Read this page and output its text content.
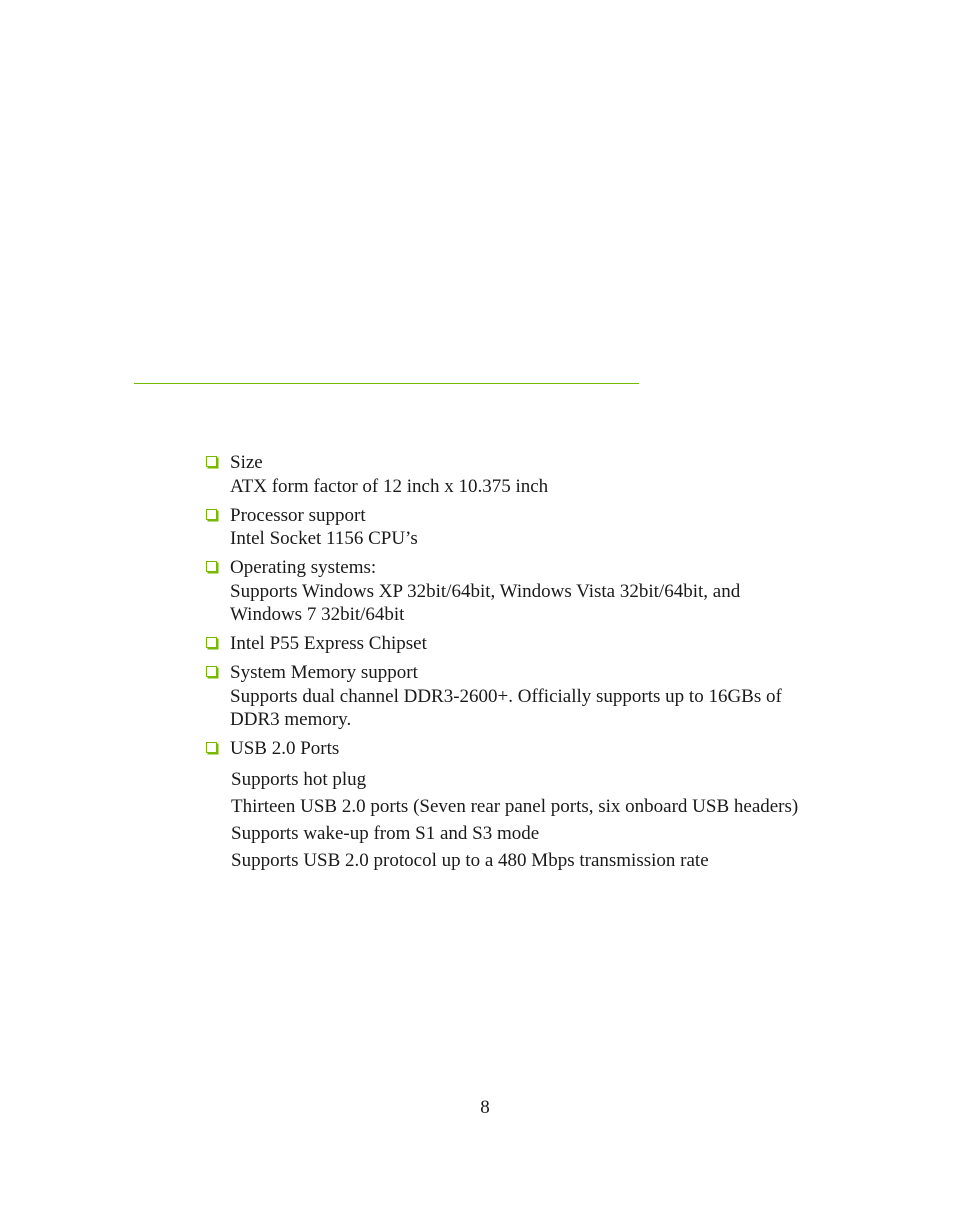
Size
ATX form factor of 12 inch x 10.375 inch
Processor support
Intel Socket 1156 CPU’s
Operating systems:
Supports Windows XP 32bit/64bit, Windows Vista 32bit/64bit, and Windows 7 32bit/64bit
Intel P55 Express Chipset
System Memory support
Supports dual channel DDR3-2600+. Officially supports up to 16GBs of DDR3 memory.
USB 2.0 Ports
Supports hot plug
Thirteen USB 2.0 ports (Seven rear panel ports, six onboard USB headers)
Supports wake-up from S1 and S3 mode
Supports USB 2.0 protocol up to a 480 Mbps transmission rate
8
